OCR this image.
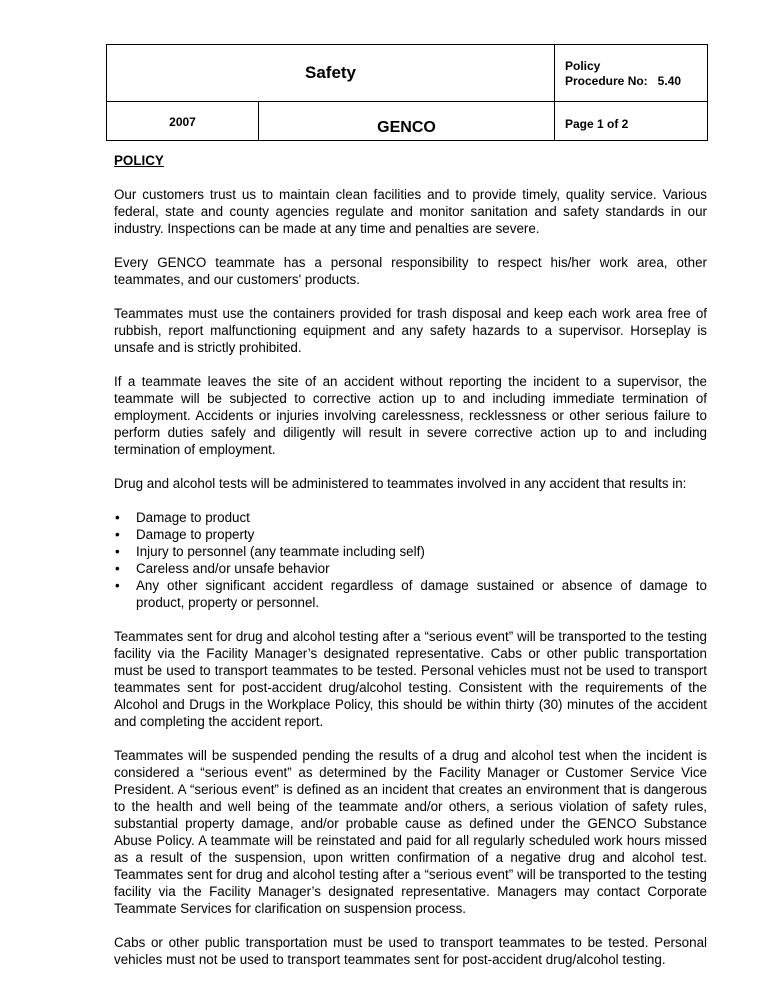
Safety	Policy
Procedure No:   5.40
2007	GENCO	Page 1 of 2
POLICY

Our customers trust us to maintain clean facilities and to provide timely, quality service. Various federal, state and county agencies regulate and monitor sanitation and safety standards in our industry. Inspections can be made at any time and penalties are severe.

Every GENCO teammate has a personal responsibility to respect his/her work area, other teammates, and our customers' products.

Teammates must use the containers provided for trash disposal and keep each work area free of rubbish, report malfunctioning equipment and any safety hazards to a supervisor. Horseplay is unsafe and is strictly prohibited.

If a teammate leaves the site of an accident without reporting the incident to a supervisor, the teammate will be subjected to corrective action up to and including immediate termination of employment. Accidents or injuries involving carelessness, recklessness or other serious failure to perform duties safely and diligently will result in severe corrective action up to and including termination of employment.

Drug and alcohol tests will be administered to teammates involved in any accident that results in:

• Damage to product
• Damage to property
• Injury to personnel (any teammate including self)
• Careless and/or unsafe behavior
• Any other significant accident regardless of damage sustained or absence of damage to product, property or personnel.

Teammates sent for drug and alcohol testing after a “serious event” will be transported to the testing facility via the Facility Manager’s designated representative. Cabs or other public transportation must be used to transport teammates to be tested. Personal vehicles must not be used to transport teammates sent for post-accident drug/alcohol testing. Consistent with the requirements of the Alcohol and Drugs in the Workplace Policy, this should be within thirty (30) minutes of the accident and completing the accident report.

Teammates will be suspended pending the results of a drug and alcohol test when the incident is considered a “serious event” as determined by the Facility Manager or Customer Service Vice President. A “serious event” is defined as an incident that creates an environment that is dangerous to the health and well being of the teammate and/or others, a serious violation of safety rules, substantial property damage, and/or probable cause as defined under the GENCO Substance Abuse Policy. A teammate will be reinstated and paid for all regularly scheduled work hours missed as a result of the suspension, upon written confirmation of a negative drug and alcohol test. Teammates sent for drug and alcohol testing after a “serious event” will be transported to the testing facility via the Facility Manager’s designated representative. Managers may contact Corporate Teammate Services for clarification on suspension process.

Cabs or other public transportation must be used to transport teammates to be tested. Personal vehicles must not be used to transport teammates sent for post-accident drug/alcohol testing.
